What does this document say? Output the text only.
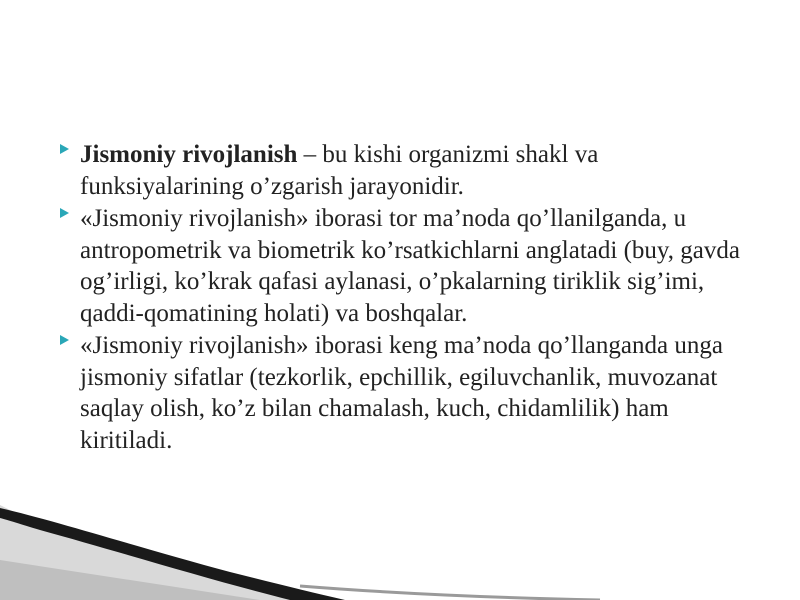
Jismoniy rivojlanish – bu kishi organizmi shakl va funksiyalarining o’zgarish jarayonidir.
«Jismoniy rivojlanish» iborasi tor ma’noda qo’llanilganda, u antropometrik va biometrik ko’rsatkichlarni anglatadi (buy, gavda og’irligi, ko’krak qafasi aylanasi, o’pkalarning tiriklik sig’imi, qaddi-qomatining holati) va boshqalar.
«Jismoniy rivojlanish» iborasi keng ma’noda qo’llanganda unga jismoniy sifatlar (tezkorlik, epchillik, egiluvchanlik, muvozanat saqlay olish, ko’z bilan chamalash, kuch, chidamlilik) ham kiritiladi.
